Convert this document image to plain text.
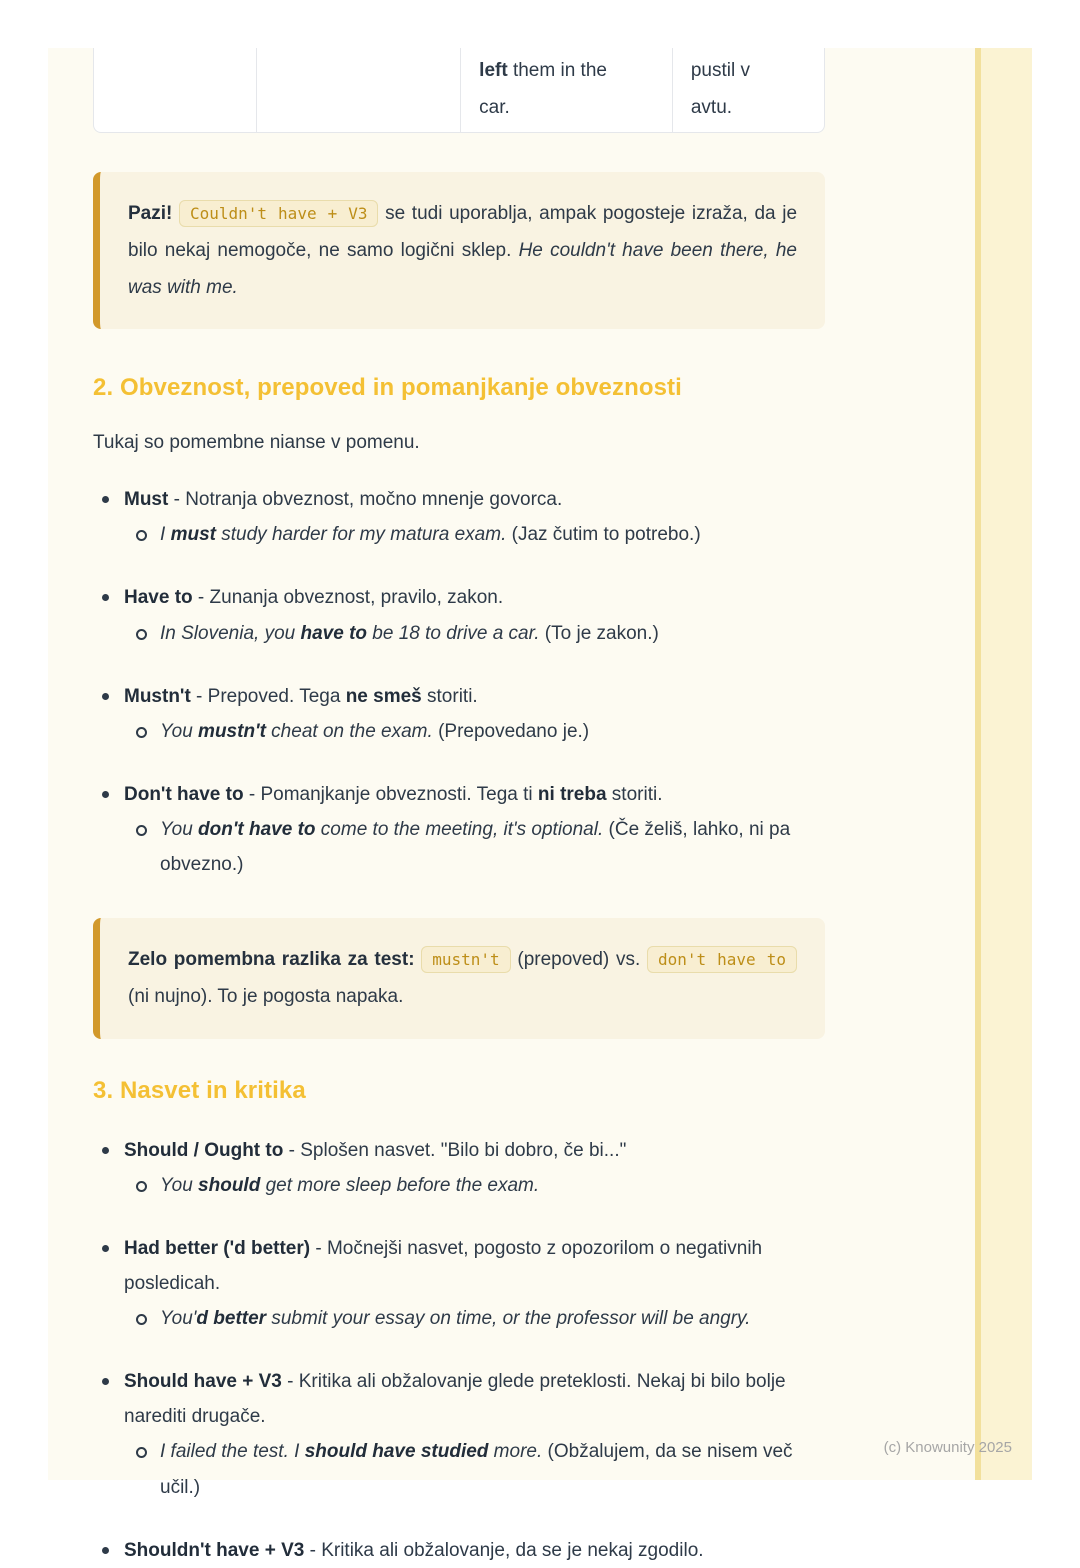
left them in the
car.
pustil v
avtu.
Pazi! Couldn't have + V3 se tudi uporablja, ampak pogosteje izraža, da je bilo nekaj nemogoče, ne samo logični sklep. He couldn't have been there, he was with me.
2. Obveznost, prepoved in pomanjkanje obveznosti

Tukaj so pomembne nianse v pomenu.

Must - Notranja obveznost, močno mnenje govorca.
I must study harder for my matura exam. (Jaz čutim to potrebo.)
Have to - Zunanja obveznost, pravilo, zakon.
In Slovenia, you have to be 18 to drive a car. (To je zakon.)
Mustn't - Prepoved. Tega ne smeš storiti.
You mustn't cheat on the exam. (Prepovedano je.)
Don't have to - Pomanjkanje obveznosti. Tega ti ni treba storiti.
You don't have to come to the meeting, it's optional. (Če želiš, lahko, ni pa obvezno.)
Zelo pomembna razlika za test: mustn't (prepoved) vs. don't have to (ni nujno). To je pogosta napaka.
3. Nasvet in kritika
Should / Ought to - Splošen nasvet. "Bilo bi dobro, če bi..."
You should get more sleep before the exam.
Had better ('d better) - Močnejši nasvet, pogosto z opozorilom o negativnih posledicah.
You'd better submit your essay on time, or the professor will be angry.
Should have + V3 - Kritika ali obžalovanje glede preteklosti. Nekaj bi bilo bolje narediti drugače.
I failed the test. I should have studied more. (Obžalujem, da se nisem več učil.)
Shouldn't have + V3 - Kritika ali obžalovanje, da se je nekaj zgodilo.
(c) Knowunity 2025
